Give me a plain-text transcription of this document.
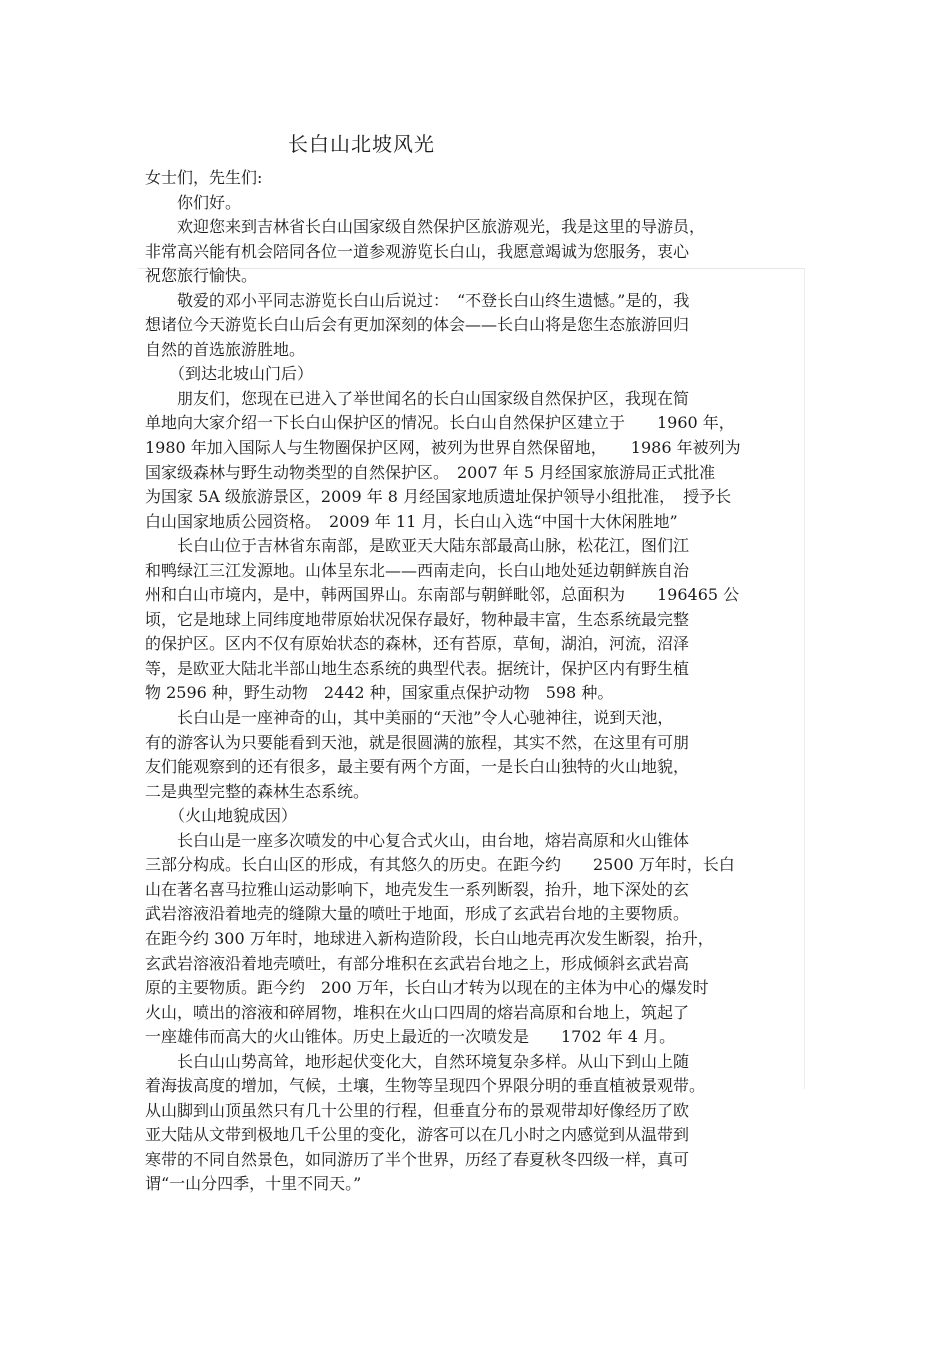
长白山北坡风光
女士们，先生们:
　　你们好。
　　欢迎您来到吉林省长白山国家级自然保护区旅游观光，我是这里的导游员，
非常高兴能有机会陪同各位一道参观游览长白山，我愿意竭诚为您服务，衷心
祝您旅行愉快。
　　敬爱的邓小平同志游览长白山后说过：　“不登长白山终生遗憾。”是的，我
想诸位今天游览长白山后会有更加深刻的体会——长白山将是您生态旅游回归
自然的首选旅游胜地。
　　（到达北坡山门后）
　　朋友们，您现在已进入了举世闻名的长白山国家级自然保护区，我现在简
单地向大家介绍一下长白山保护区的情况。长白山自然保护区建立于　　1960 年，
1980 年加入国际人与生物圈保护区网，被列为世界自然保留地，　　1986 年被列为
国家级森林与野生动物类型的自然保护区。　2007 年 5 月经国家旅游局正式批准
为国家 5A 级旅游景区，2009 年 8 月经国家地质遗址保护领导小组批准，　授予长
白山国家地质公园资格。　2009 年 11 月，长白山入选“中国十大休闲胜地”
　　长白山位于吉林省东南部，是欧亚天大陆东部最高山脉，松花江，图们江
和鸭绿江三江发源地。山体呈东北——西南走向，长白山地处延边朝鲜族自治
州和白山市境内，是中，韩两国界山。东南部与朝鲜毗邻，总面积为　　196465 公
顷，它是地球上同纬度地带原始状况保存最好，物种最丰富，生态系统最完整
的保护区。区内不仅有原始状态的森林，还有苔原，草甸，湖泊，河流，沼泽
等，是欧亚大陆北半部山地生态系统的典型代表。据统计，保护区内有野生植
物 2596 种，野生动物　2442 种，国家重点保护动物　598 种。
　　长白山是一座神奇的山，其中美丽的“天池”令人心驰神往，说到天池，
有的游客认为只要能看到天池，就是很圆满的旅程，其实不然，在这里有可朋
友们能观察到的还有很多，最主要有两个方面，一是长白山独特的火山地貌，
二是典型完整的森林生态系统。
　　（火山地貌成因）
　　长白山是一座多次喷发的中心复合式火山，由台地，熔岩高原和火山锥体
三部分构成。长白山区的形成，有其悠久的历史。在距今约　　2500 万年时，长白
山在著名喜马拉雅山运动影响下，地壳发生一系列断裂，抬升，地下深处的玄
武岩溶液沿着地壳的缝隙大量的喷吐于地面，形成了玄武岩台地的主要物质。
在距今约 300 万年时，地球进入新构造阶段，长白山地壳再次发生断裂，抬升，
玄武岩溶液沿着地壳喷吐，有部分堆积在玄武岩台地之上，形成倾斜玄武岩高
原的主要物质。距今约　200 万年，长白山才转为以现在的主体为中心的爆发时
火山，喷出的溶液和碎屑物，堆积在火山口四周的熔岩高原和台地上，筑起了
一座雄伟而高大的火山锥体。历史上最近的一次喷发是　　1702 年 4 月。
　　长白山山势高耸，地形起伏变化大，自然环境复杂多样。从山下到山上随
着海拔高度的增加，气候，土壤，生物等呈现四个界限分明的垂直植被景观带。
从山脚到山顶虽然只有几十公里的行程，但垂直分布的景观带却好像经历了欧
亚大陆从文带到极地几千公里的变化，游客可以在几小时之内感觉到从温带到
寒带的不同自然景色，如同游历了半个世界，历经了春夏秋冬四级一样，真可
谓“一山分四季，十里不同天。”
